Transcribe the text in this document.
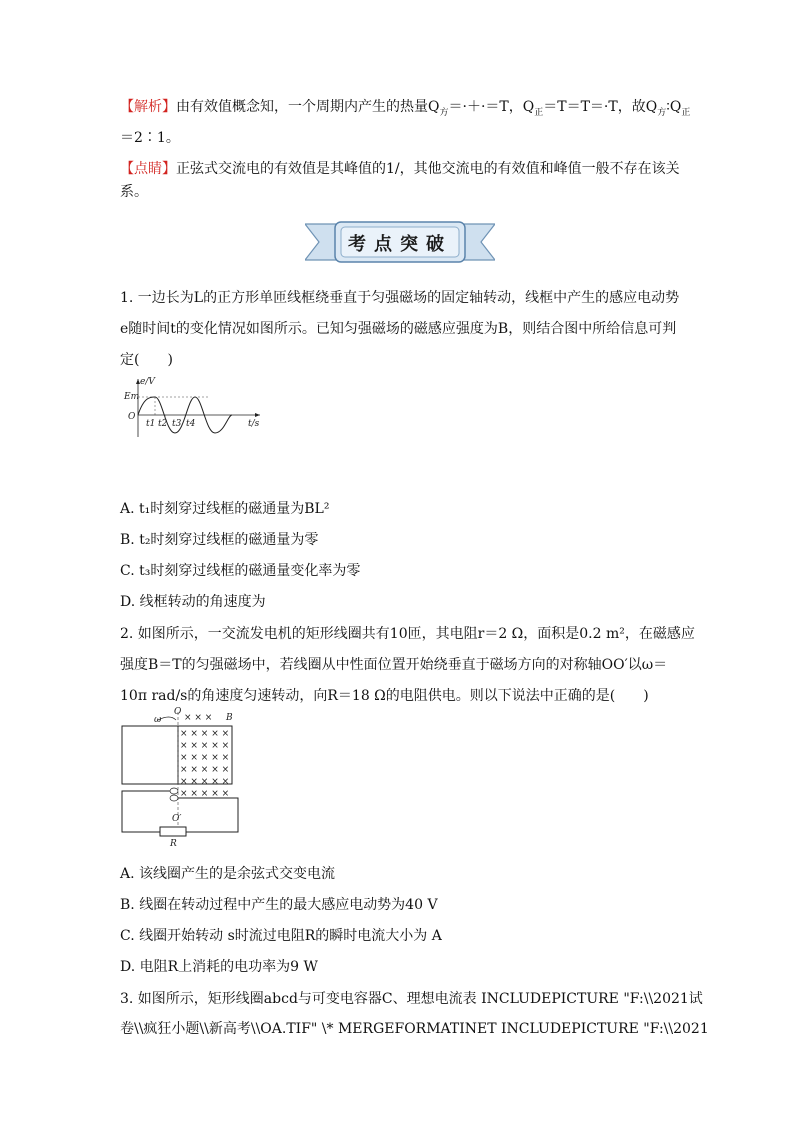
【解析】由有效值概念知，一个周期内产生的热量$Q_方=\cdot+\cdot=T$，$Q_正=T=T=\cdot T$，故$Q_方∶Q_正$
＝2∶1。
【点睛】正弦式交流电的有效值是其峰值的1/，其他交流电的有效值和峰值一般不存在该关
系。
考点突破
1. 一边长为L的正方形单匝线框绕垂直于匀强磁场的固定轴转动，线框中产生的感应电动势
e随时间t的变化情况如图所示。已知匀强磁场的磁感应强度为B，则结合图中所给信息可判
定(　　)
e/V
Em
O
t/s
t1 t2 t3 t4
A. t₁时刻穿过线框的磁通量为BL²
B. t₂时刻穿过线框的磁通量为零
C. t₃时刻穿过线框的磁通量变化率为零
D. 线框转动的角速度为
2. 如图所示，一交流发电机的矩形线圈共有10匝，其电阻r＝2 Ω，面积是0.2 m²，在磁感应
强度B＝T的匀强磁场中，若线圈从中性面位置开始绕垂直于磁场方向的对称轴OO′以ω＝
10π rad/s的角速度匀速转动，向R＝18 Ω的电阻供电。则以下说法中正确的是(　　)
× × ×
× × × × ×
× × × × ×
× × × × ×
× × × × ×
× × × × ×
× × × × ×
ω
O
B
O′
R
A. 该线圈产生的是余弦式交变电流
B. 线圈在转动过程中产生的最大感应电动势为40 V
C. 线圈开始转动 s时流过电阻R的瞬时电流大小为 A
D. 电阻R上消耗的电功率为9 W
3. 如图所示，矩形线圈abcd与可变电容器C、理想电流表 INCLUDEPICTURE "F:\\2021试
卷\\疯狂小题\\新高考\\OA.TIF" \* MERGEFORMATINET INCLUDEPICTURE "F:\\2021
